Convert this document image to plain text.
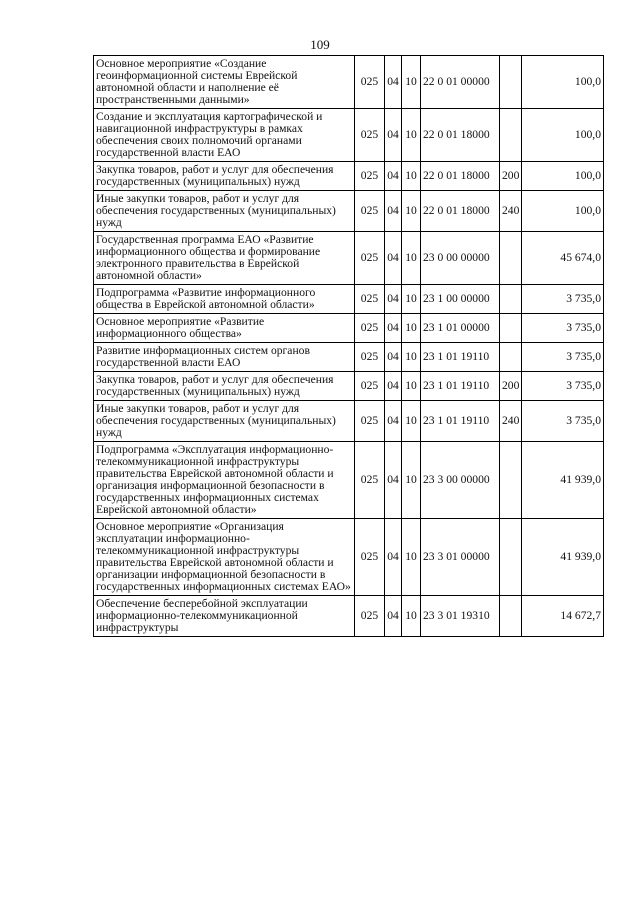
109
Основное мероприятие «Создание геоинформационной системы Еврейской автономной области и наполнение её пространственными данными»	025	04	10	22 0 01 00000		100,0
Создание и эксплуатация картографической и навигационной инфраструктуры в рамках обеспечения своих полномочий органами государственной власти ЕАО	025	04	10	22 0 01 18000		100,0
Закупка товаров, работ и услуг для обеспечения государственных (муниципальных) нужд	025	04	10	22 0 01 18000	200	100,0
Иные закупки товаров, работ и услуг для обеспечения государственных (муниципальных) нужд	025	04	10	22 0 01 18000	240	100,0
Государственная программа ЕАО «Развитие информационного общества и формирование электронного правительства в Еврейской автономной области»	025	04	10	23 0 00 00000		45 674,0
Подпрограмма «Развитие информационного общества в Еврейской автономной области»	025	04	10	23 1 00 00000		3 735,0
Основное мероприятие «Развитие информационного общества»	025	04	10	23 1 01 00000		3 735,0
Развитие информационных систем органов государственной власти ЕАО	025	04	10	23 1 01 19110		3 735,0
Закупка товаров, работ и услуг для обеспечения государственных (муниципальных) нужд	025	04	10	23 1 01 19110	200	3 735,0
Иные закупки товаров, работ и услуг для обеспечения государственных (муниципальных) нужд	025	04	10	23 1 01 19110	240	3 735,0
Подпрограмма «Эксплуатация информационно-телекоммуникационной инфраструктуры правительства Еврейской автономной области и организация информационной безопасности в государственных информационных системах Еврейской автономной области»	025	04	10	23 3 00 00000		41 939,0
Основное мероприятие «Организация эксплуатации информационно-телекоммуникационной инфраструктуры правительства Еврейской автономной области и организации информационной безопасности в государственных информационных системах ЕАО»	025	04	10	23 3 01 00000		41 939,0
Обеспечение бесперебойной эксплуатации информационно-телекоммуникационной инфраструктуры	025	04	10	23 3 01 19310		14 672,7
